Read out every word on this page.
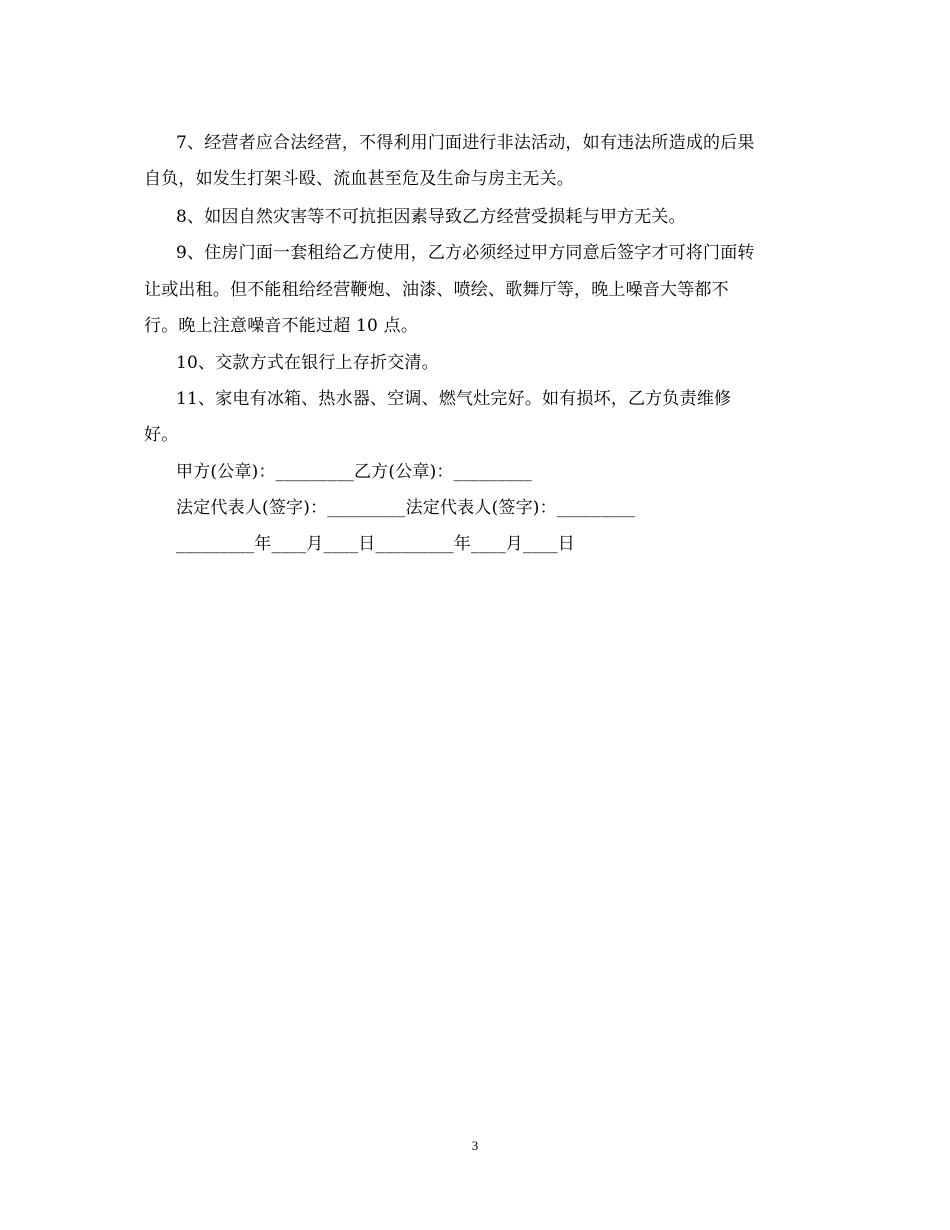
7、经营者应合法经营，不得利用门面进行非法活动，如有违法所造成的后果
自负，如发生打架斗殴、流血甚至危及生命与房主无关。
8、如因自然灾害等不可抗拒因素导致乙方经营受损耗与甲方无关。
9、住房门面一套租给乙方使用，乙方必须经过甲方同意后签字才可将门面转
让或出租。但不能租给经营鞭炮、油漆、喷绘、歌舞厅等，晚上噪音大等都不
行。晚上注意噪音不能过超 10 点。
10、交款方式在银行上存折交清。
11、家电有冰箱、热水器、空调、燃气灶完好。如有损坏，乙方负责维修
好。
甲方(公章)：_________乙方(公章)：_________
法定代表人(签字)：_________法定代表人(签字)：_________
_________年____月____日_________年____月____日
3
